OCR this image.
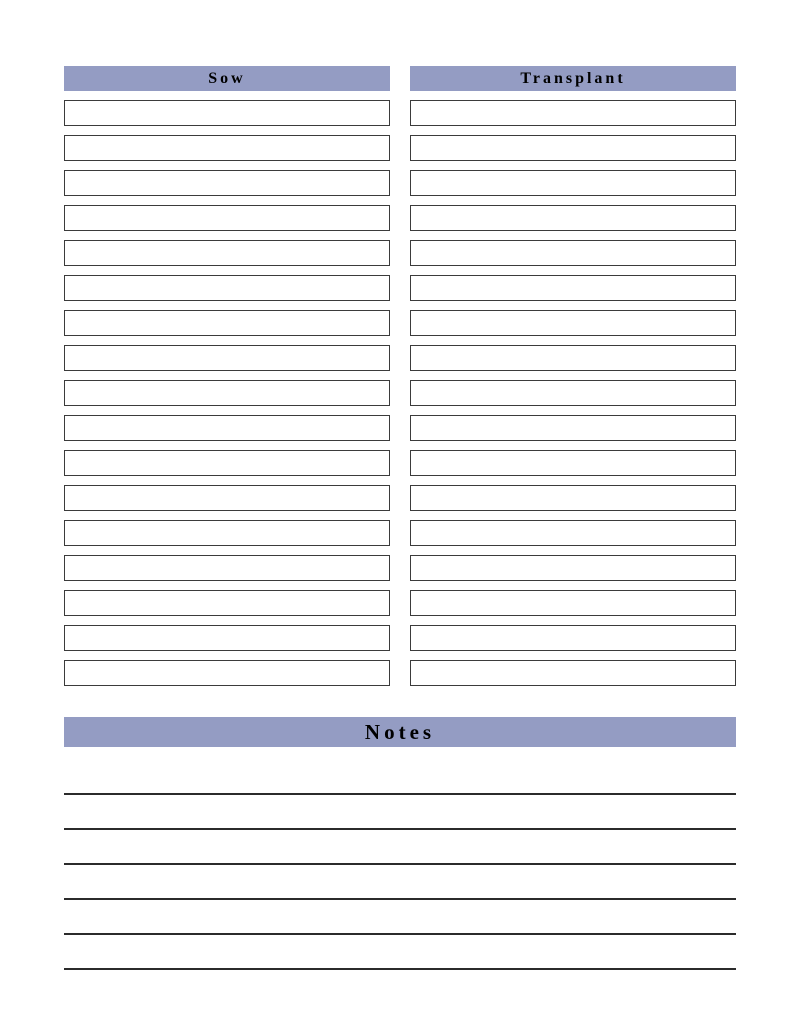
Sow	Transplant
Notes
